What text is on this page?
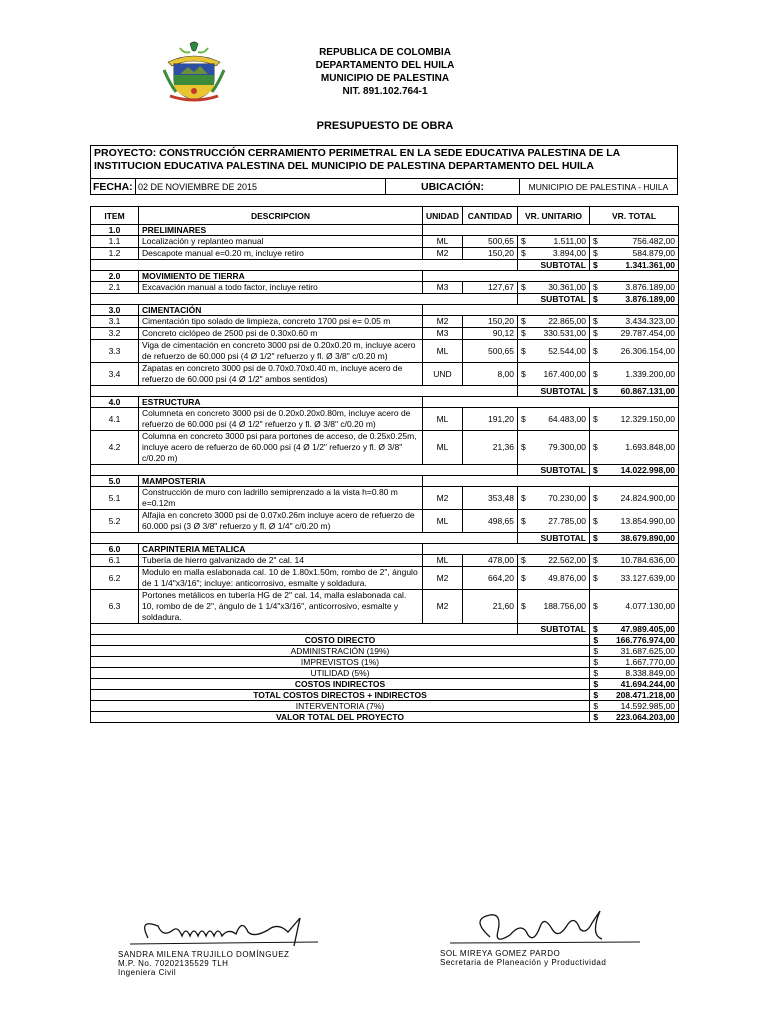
REPUBLICA DE COLOMBIA
DEPARTAMENTO DEL HUILA
MUNICIPIO DE PALESTINA
NIT. 891.102.764-1
PRESUPUESTO DE OBRA
PROYECTO: CONSTRUCCIÓN CERRAMIENTO PERIMETRAL EN LA SEDE EDUCATIVA PALESTINA DE LA INSTITUCION EDUCATIVA PALESTINA DEL MUNICIPIO DE PALESTINA DEPARTAMENTO DEL HUILA
FECHA: 02 DE NOVIEMBRE DE 2015	UBICACIÓN:	MUNICIPIO DE PALESTINA - HUILA
ITEM	DESCRIPCION	UNIDAD	CANTIDAD	VR. UNITARIO		VR. TOTAL	
1.0	PRELIMINARES						
1.1	Localización y replanteo manual	ML	500,65	$	1.511,00	$	756.482,00
1.2	Descapote manual e=0.20 m, incluye retiro	M2	150,20	$	3.894,00	$	584.879,00
				SUBTOTAL		$	1.341.361,00
2.0	MOVIMIENTO DE TIERRA						
2.1	Excavación manual a todo factor, incluye retiro	M3	127,67	$	30.361,00	$	3.876.189,00
				SUBTOTAL		$	3.876.189,00
3.0	CIMENTACIÓN						
3.1	Cimentación tipo solado de limpieza, concreto 1700 psi e= 0.05 m	M2	150,20	$	22.865,00	$	3.434.323,00
3.2	Concreto ciclópeo de 2500 psi de 0.30x0.60 m	M3	90,12	$	330.531,00	$	29.787.454,00
3.3	Viga de cimentación en concreto 3000 psi de 0.20x0.20 m, incluye acero de refuerzo de 60.000 psi (4 Ø 1/2" refuerzo y fl. Ø 3/8" c/0.20 m)	ML	500,65	$	52.544,00	$	26.306.154,00
3.4	Zapatas en concreto 3000 psi de 0.70x0.70x0.40 m, incluye acero de refuerzo de 60.000 psi (4 Ø 1/2" ambos sentidos)	UND	8,00	$	167.400,00	$	1.339.200,00
				SUBTOTAL		$	60.867.131,00
4.0	ESTRUCTURA						
4.1	Columneta en concreto 3000 psi de 0.20x0.20x0.80m, incluye acero de refuerzo de 60.000 psi (4 Ø 1/2" refuerzo y fl. Ø 3/8" c/0.20 m)	ML	191,20	$	64.483,00	$	12.329.150,00
4.2	Columna en concreto 3000 psi para portones de acceso, de 0.25x0.25m, incluye acero de refuerzo de 60.000 psi (4 Ø 1/2" refuerzo y fl. Ø 3/8" c/0.20 m)	ML	21,36	$	79.300,00	$	1.693.848,00
				SUBTOTAL		$	14.022.998,00
5.0	MAMPOSTERIA						
5.1	Construcción de muro con ladrillo semiprenzado a la vista h=0.80 m e=0.12m	M2	353,48	$	70.230,00	$	24.824.900,00
5.2	Alfajia en concreto 3000 psi de 0.07x0.26m incluye acero de refuerzo de 60.000 psi (3 Ø 3/8" refuerzo y fl. Ø 1/4" c/0.20 m)	ML	498,65	$	27.785,00	$	13.854.990,00
				SUBTOTAL		$	38.679.890,00
6.0	CARPINTERIA METALICA						
6.1	Tubería de hierro galvanizado de 2" cal. 14	ML	478,00	$	22.562,00	$	10.784.636,00
6.2	Modulo en malla eslabonada cal. 10 de 1.80x1.50m, rombo de 2", ángulo de 1 1/4"x3/16"; incluye: anticorrosivo, esmalte y soldadura.	M2	664,20	$	49.876,00	$	33.127.639,00
6.3	Portones metálicos en tubería HG de 2" cal. 14, malla eslabonada cal. 10, rombo de de 2", ángulo de 1 1/4"x3/16", anticorrosivo, esmalte y soldadura.	M2	21,60	$	188.756,00	$	4.077.130,00
				SUBTOTAL		$	47.989.405,00
COSTO DIRECTO						$	166.776.974,00
ADMINISTRACIÓN (19%)						$	31.687.625,00
IMPREVISTOS (1%)						$	1.667.770,00
UTILIDAD (5%)						$	8.338.849,00
COSTOS INDIRECTOS						$	41.694.244,00
TOTAL COSTOS DIRECTOS + INDIRECTOS						$	208.471.218,00
INTERVENTORIA (7%)						$	14.592.985,00
VALOR TOTAL DEL PROYECTO						$	223.064.203,00
SANDRA MILENA TRUJILLO DOMÍNGUEZ
M.P. No. 70202135529 TLH
Ingeniera Civil
SOL MIREYA GOMEZ PARDO
Secretaria de Planeación y Productividad
